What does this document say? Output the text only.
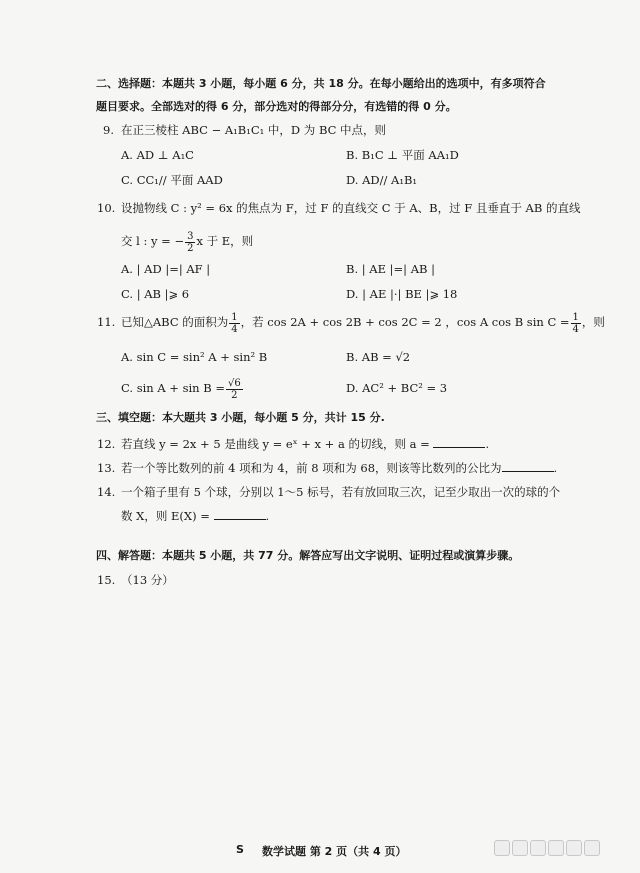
二、选择题：本题共 3 小题，每小题 6 分，共 18 分。在每小题给出的选项中，有多项符合
题目要求。全部选对的得 6 分，部分选对的得部分分，有选错的得 0 分。
9. 在正三棱柱 ABC − A₁B₁C₁ 中，D 为 BC 中点，则
A. AD ⊥ A₁C	B. B₁C ⊥ 平面 AA₁D
C. CC₁// 平面 AAD	D. AD// A₁B₁
10. 设抛物线 C : y² = 6x 的焦点为 F，过 F 的直线交 C 于 A、B，过 F 且垂直于 AB 的直线
交 l : y = − $\frac{3}{2}$ x 于 E，则
A. | AD |=| AF |	B. | AE |=| AB |
C. | AB |⩾ 6	D. | AE |·| BE |⩾ 18
11. 已知△ABC 的面积为 $\frac{1}{4}$ ，若 cos 2A + cos 2B + cos 2C = 2 ，cos A cos B $\sin C = \frac{1}{4}$ ，则
A. sin C = sin² A + sin² B	B. AB = √2
C. $\sin A + \sin B = \frac{√6}{2}$	D. AC² + BC² = 3
三、填空题：本大题共 3 小题，每小题 5 分，共计 15 分.
12. 若直线 y = 2x + 5 是曲线 y = eˣ + x + a 的切线，则 a =	.
13. 若一个等比数列的前 4 项和为 4，前 8 项和为 68，则该等比数列的公比为	.
14. 一个箱子里有 5 个球，分别以 1～5 标号，若有放回取三次，记至少取出一次的球的个
数 X，则 E(X) =	.
四、解答题：本题共 5 小题，共 77 分。解答应写出文字说明、证明过程或演算步骤。
15. （13 分）
S 数学试题 第 2 页（共 4 页）
